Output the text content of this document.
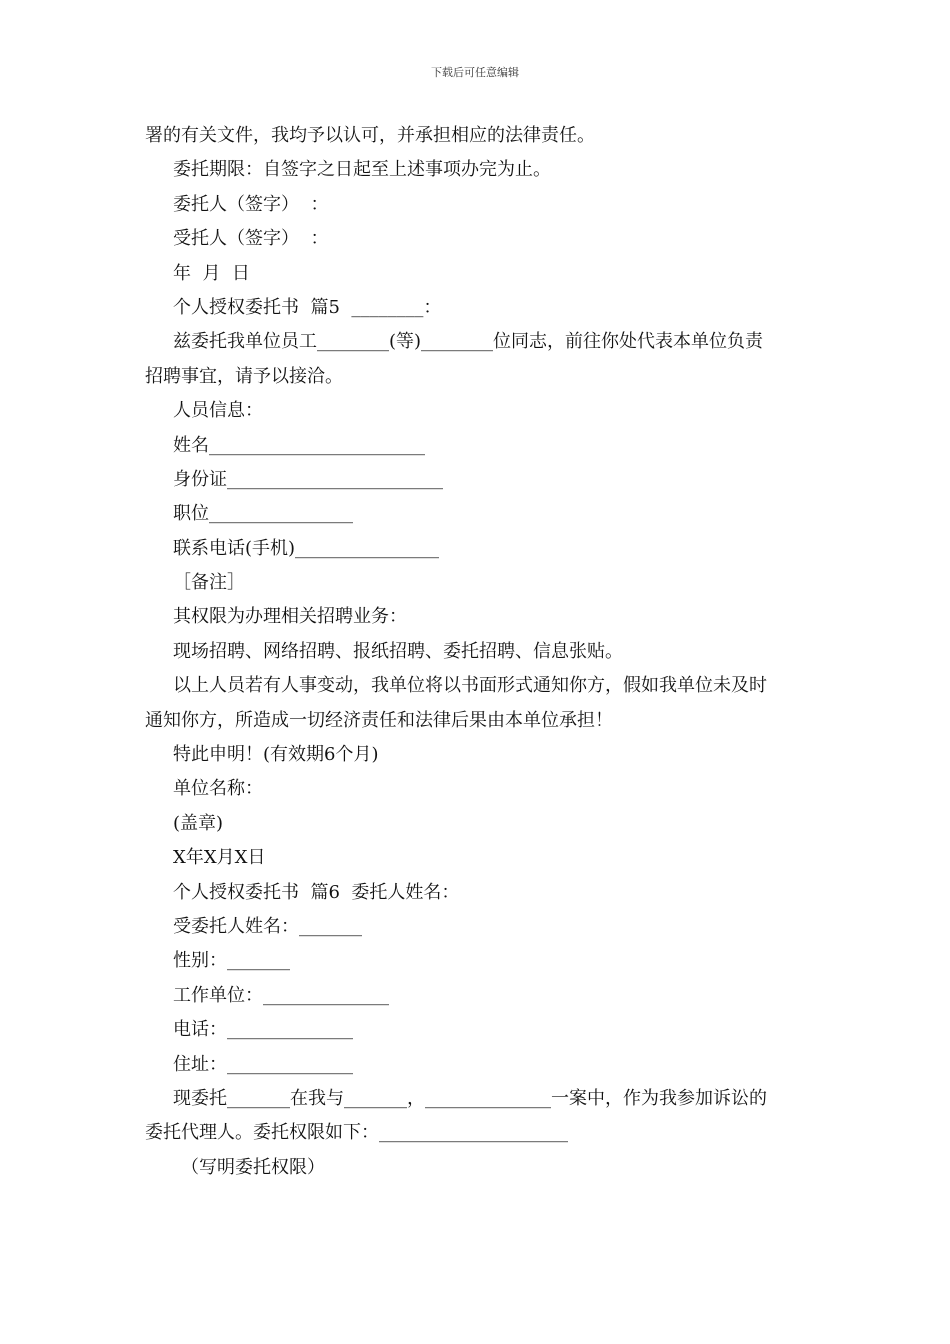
下载后可任意编辑
署的有关文件，我均予以认可，并承担相应的法律责任。
委托期限：自签字之日起至上述事项办完为止。
委托人（签字）  ：
受托人（签字）  ：
年  月  日
个人授权委托书  篇5  ________：
兹委托我单位员工________(等)________位同志，前往你处代表本单位负责
招聘事宜，请予以接洽。
人员信息：
姓名________________________
身份证________________________
职位________________
联系电话(手机)________________
［备注］
其权限为办理相关招聘业务：
现场招聘、网络招聘、报纸招聘、委托招聘、信息张贴。
以上人员若有人事变动，我单位将以书面形式通知你方，假如我单位未及时
通知你方，所造成一切经济责任和法律后果由本单位承担！
特此申明！(有效期6个月)
单位名称：
(盖章)
X年X月X日
个人授权委托书  篇6  委托人姓名：
受委托人姓名：_______
性别：_______
工作单位：______________
电话：______________
住址：______________
现委托_______在我与_______，______________一案中，作为我参加诉讼的
委托代理人。委托权限如下：_____________________
（写明委托权限）
